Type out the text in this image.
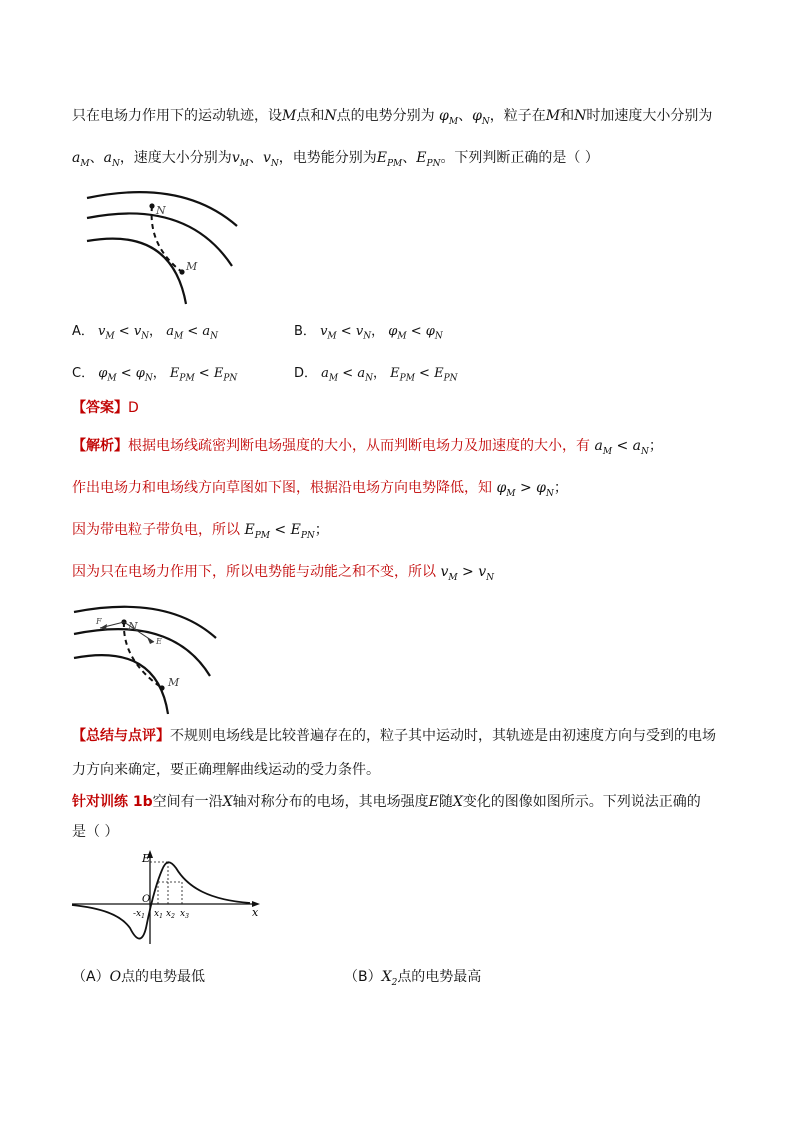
只在电场力作用下的运动轨迹，设M点和N点的电势分别为 $\varphi_M$、$\varphi_N$，粒子在M和N时加速度大小分别为
$a_M$、$a_N$，速度大小分别为$v_M$、$v_N$，电势能分别为$E_{PM}$、$E_{PN}$。下列判断正确的是（ ）
N
M
A． $v_M < v_N$， $a_M < a_N$	B． $v_M < v_N$， $\varphi_M < \varphi_N$
C． $\varphi_M < \varphi_N$， $E_{PM} < E_{PN}$	D． $a_M < a_N$， $E_{PM} < E_{PN}$
【答案】D
【解析】根据电场线疏密判断电场强度的大小，从而判断电场力及加速度的大小，有 $a_M < a_N$；
作出电场力和电场线方向草图如下图，根据沿电场方向电势降低，知 $\varphi_M > \varphi_N$；
因为带电粒子带负电，所以 $E_{PM} < E_{PN}$；
因为只在电场力作用下，所以电势能与动能之和不变，所以 $v_M > v_N$
N
M
E
F
【总结与点评】不规则电场线是比较普遍存在的，粒子其中运动时，其轨迹是由初速度方向与受到的电场
力方向来确定，要正确理解曲线运动的受力条件。
针对训练 1b空间有一沿X轴对称分布的电场，其电场强度E随X变化的图像如图所示。下列说法正确的
是（ ）
E
x
O
$-x_1$ $x_1$ $x_2$ $x_3$
（A）O点的电势最低	$(B)X_2$点的电势最高
